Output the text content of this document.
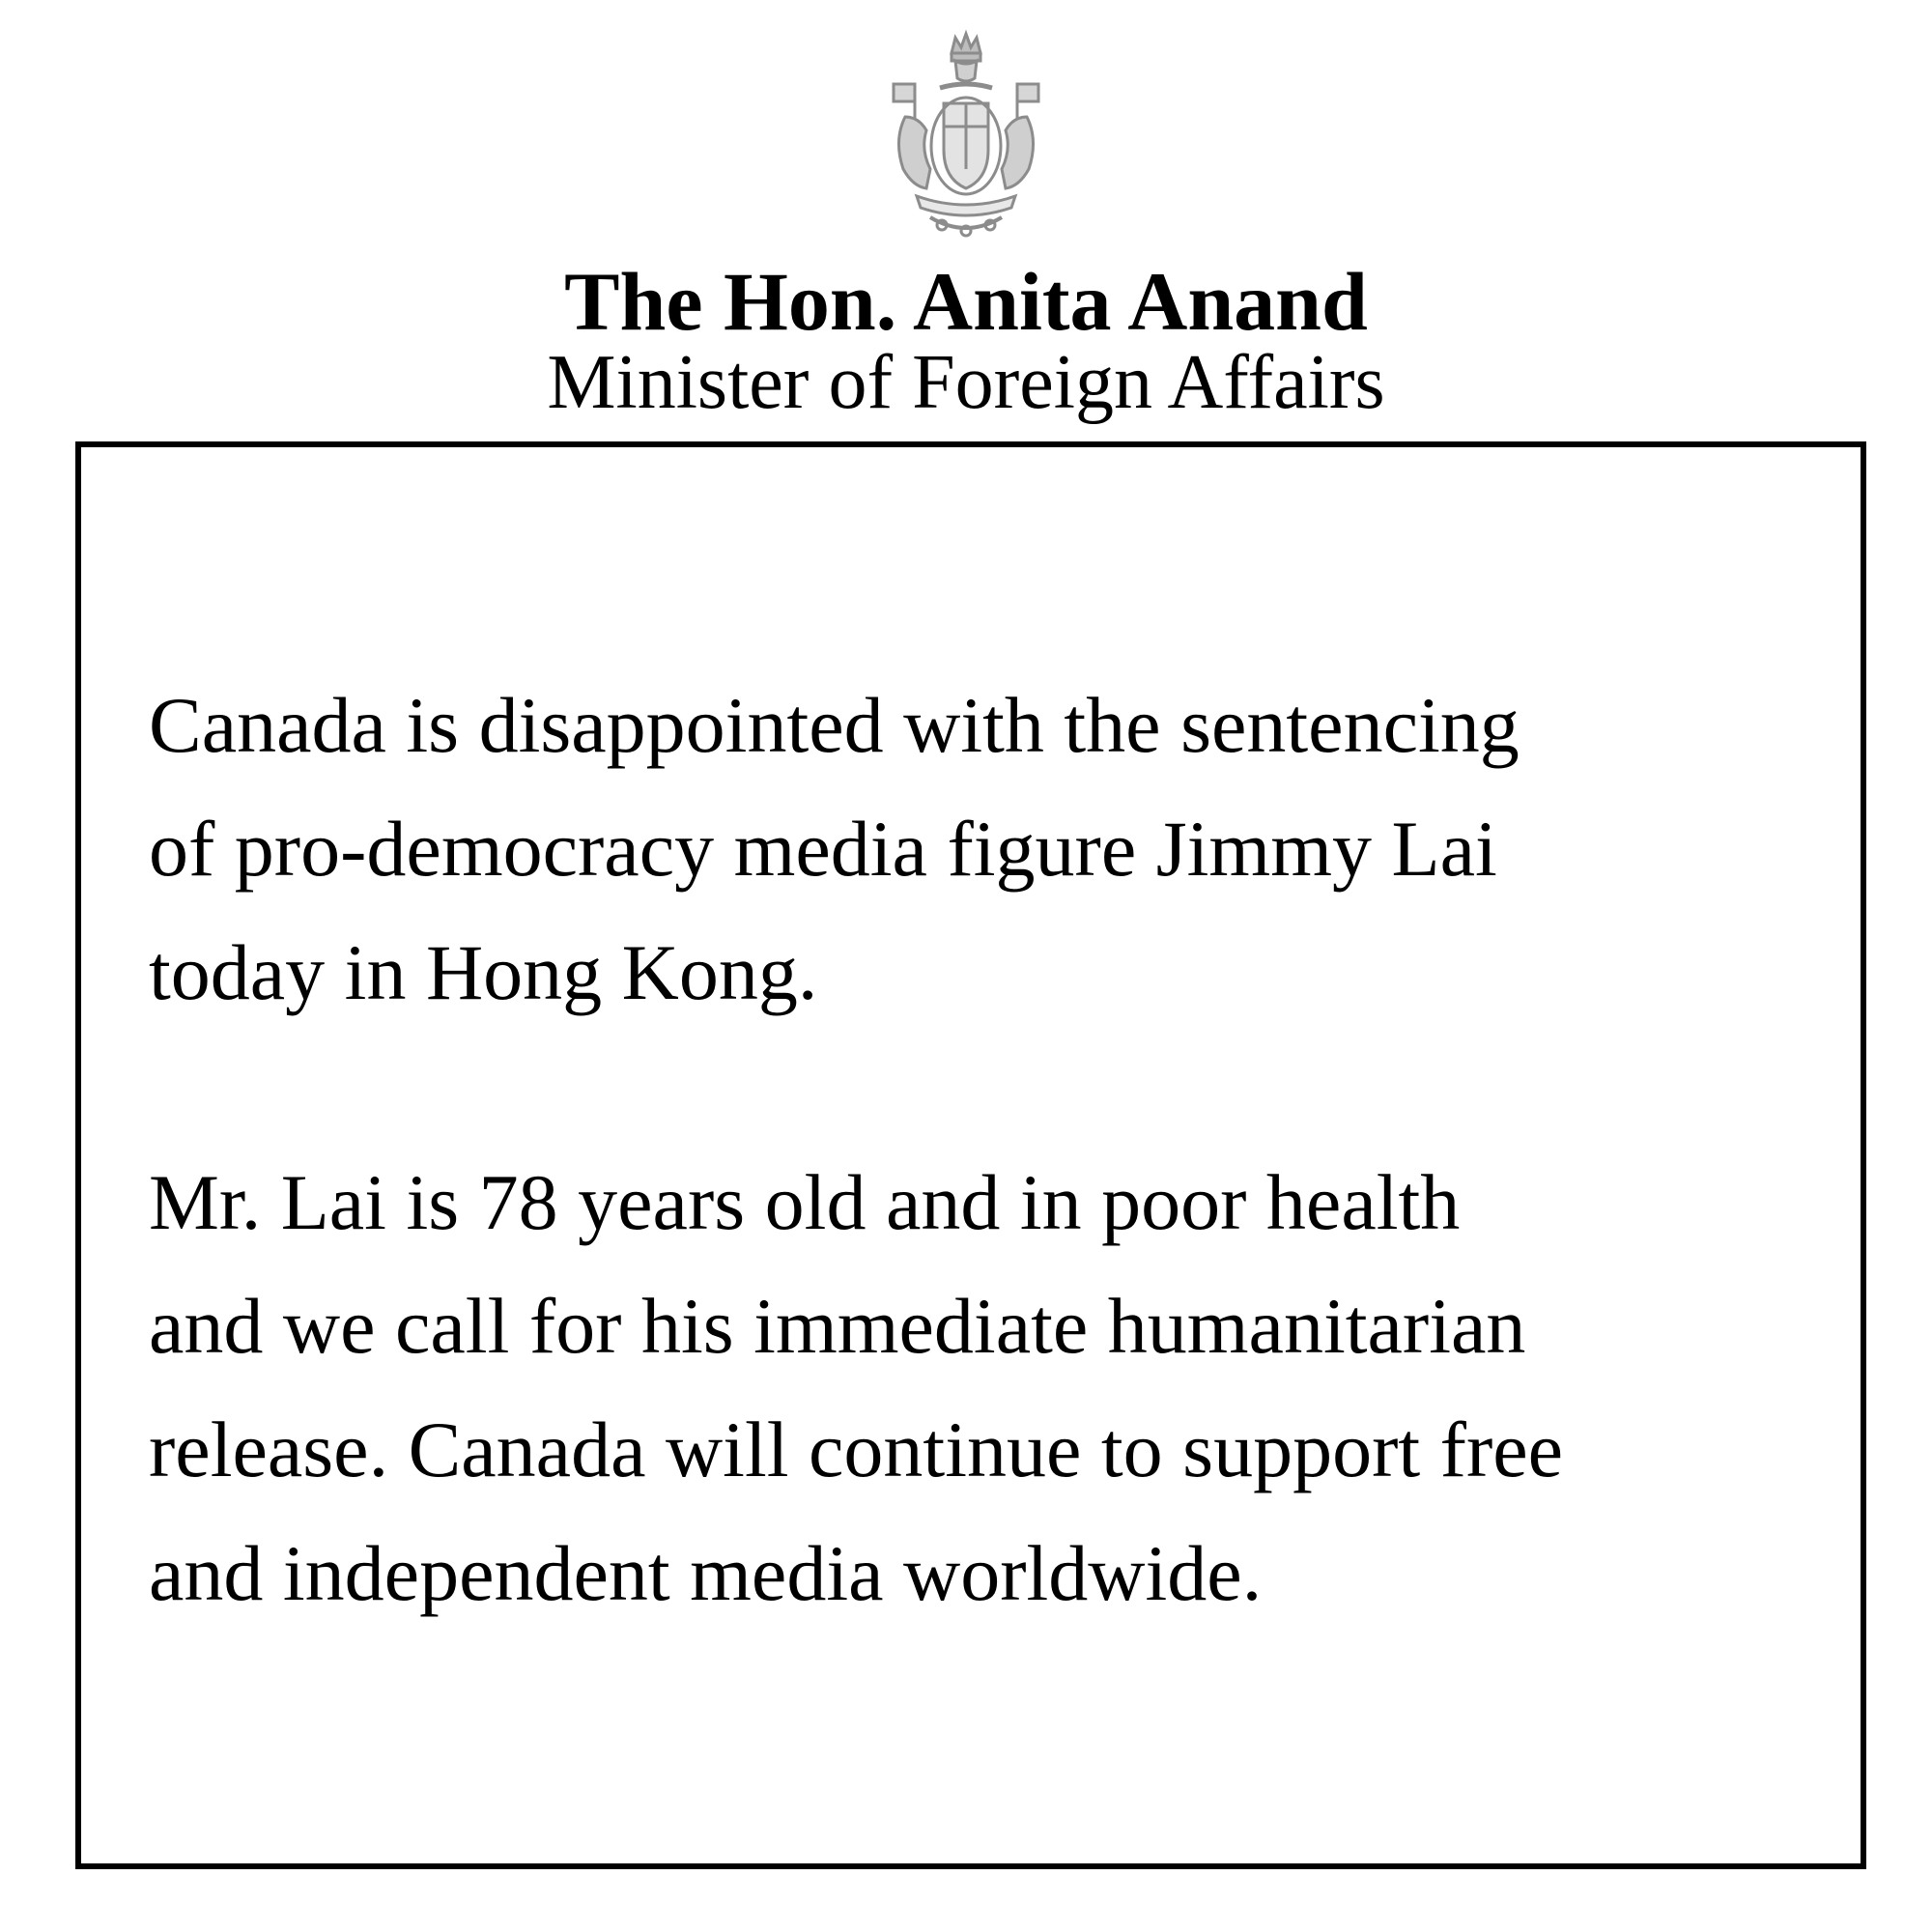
The Hon. Anita Anand
Minister of Foreign Affairs
Canada is disappointed with the sentencing
of pro-democracy media figure Jimmy Lai
today in Hong Kong.
Mr. Lai is 78 years old and in poor health
and we call for his immediate humanitarian
release. Canada will continue to support free
and independent media worldwide.
